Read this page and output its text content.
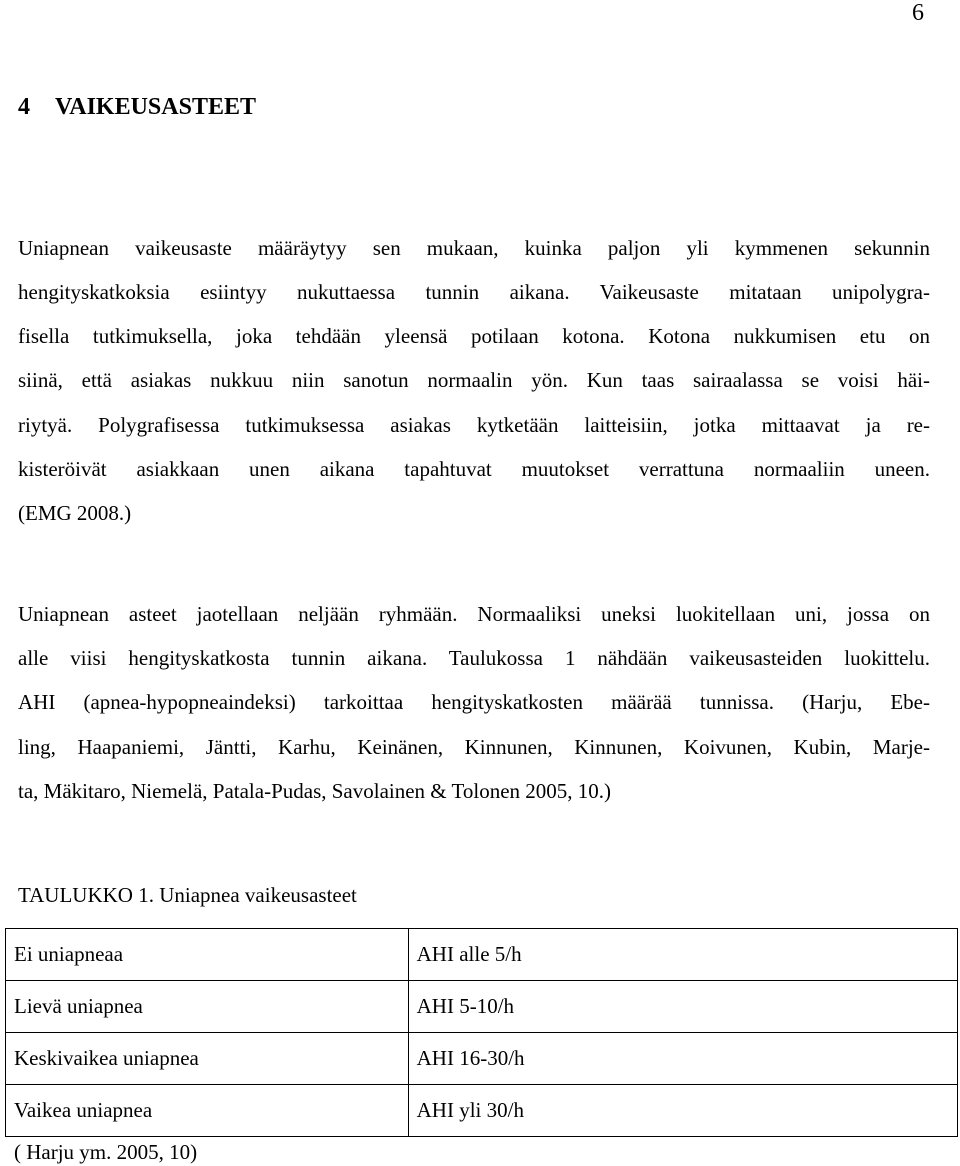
6
4 VAIKEUSASTEET
Uniapnean vaikeusaste määräytyy sen mukaan, kuinka paljon yli kymmenen sekunnin
hengityskatkoksia esiintyy nukuttaessa tunnin aikana. Vaikeusaste mitataan unipolygra-
fisella tutkimuksella, joka tehdään yleensä potilaan kotona. Kotona nukkumisen etu on
siinä, että asiakas nukkuu niin sanotun normaalin yön. Kun taas sairaalassa se voisi häi-
riytyä. Polygrafisessa tutkimuksessa asiakas kytketään laitteisiin, jotka mittaavat ja re-
kisteröivät asiakkaan unen aikana tapahtuvat muutokset verrattuna normaaliin uneen.
(EMG 2008.)
Uniapnean asteet jaotellaan neljään ryhmään. Normaaliksi uneksi luokitellaan uni, jossa on
alle viisi hengityskatkosta tunnin aikana. Taulukossa 1 nähdään vaikeusasteiden luokittelu.
AHI (apnea-hypopneaindeksi) tarkoittaa hengityskatkosten määrää tunnissa. (Harju, Ebe-
ling, Haapaniemi, Jäntti, Karhu, Keinänen, Kinnunen, Kinnunen, Koivunen, Kubin, Marje-
ta, Mäkitaro, Niemelä, Patala-Pudas, Savolainen & Tolonen 2005, 10.)
TAULUKKO 1. Uniapnea vaikeusasteet
Ei uniapneaa	AHI alle 5/h
Lievä uniapnea	AHI 5-10/h
Keskivaikea uniapnea	AHI 16-30/h
Vaikea uniapnea	AHI yli 30/h
( Harju ym. 2005, 10)
